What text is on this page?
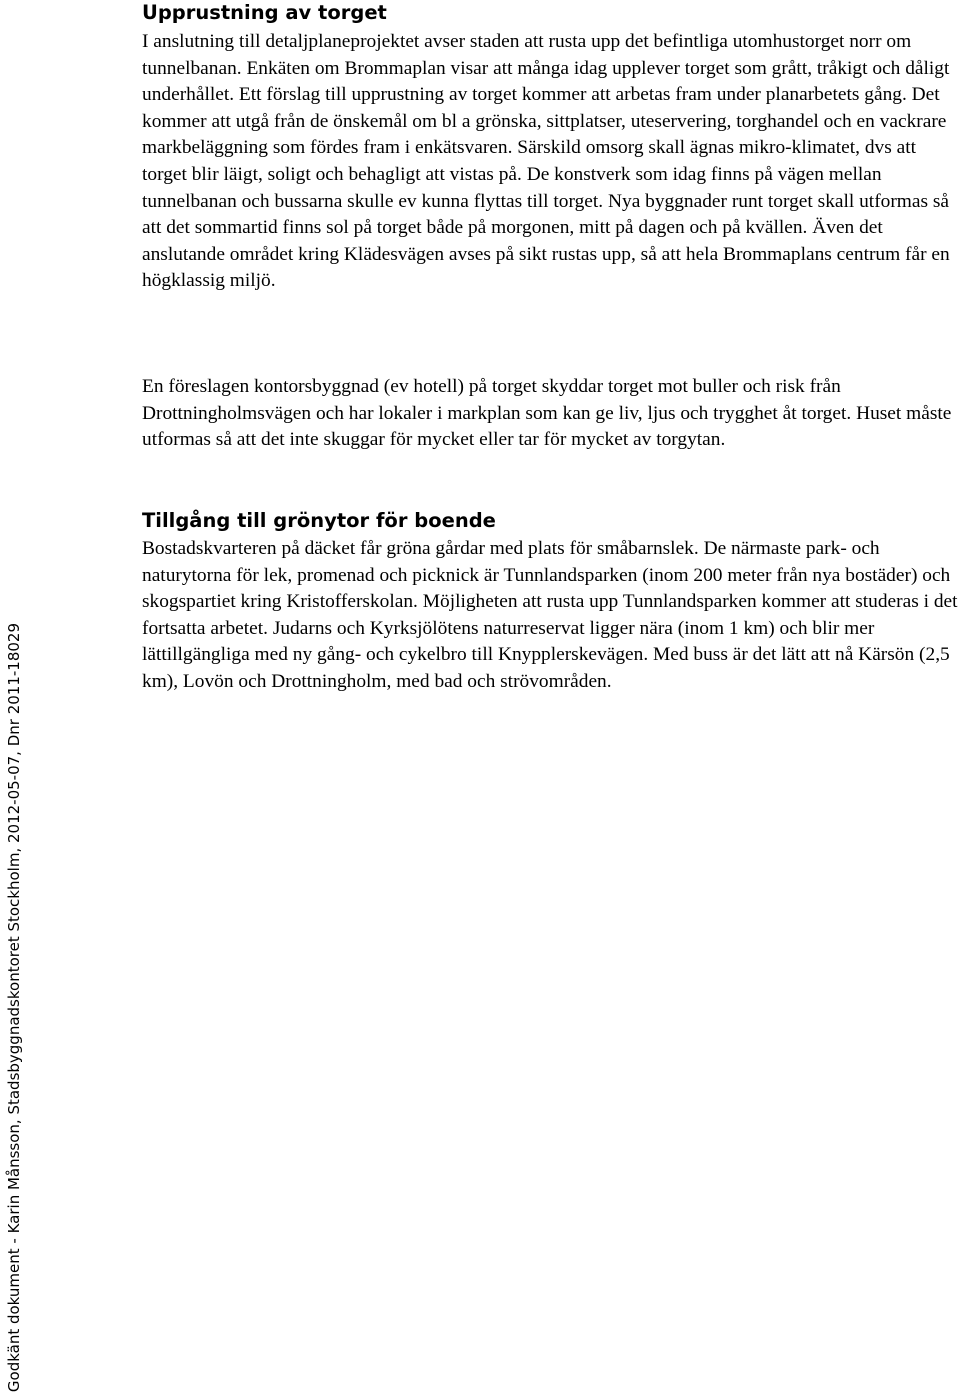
Godkänt dokument - Karin Månsson, Stadsbyggnadskontoret Stockholm, 2012-05-07, Dnr 2011-18029
Upprustning av torget

I anslutning till detaljplaneprojektet avser staden att rusta upp det befintliga utomhustorget norr om tunnelbanan. Enkäten om Brommaplan visar att många idag upplever torget som grått, tråkigt och dåligt underhållet. Ett förslag till upprustning av torget kommer att arbetas fram under planarbetets gång. Det kommer att utgå från de önskemål om bl a grönska, sittplatser, uteservering, torghandel och en vackrare markbeläggning som fördes fram i enkätsvaren. Särskild omsorg skall ägnas mikro-klimatet, dvs att torget blir läigt, soligt och behagligt att vistas på. De konstverk som idag finns på vägen mellan tunnelbanan och bussarna skulle ev kunna flyttas till torget. Nya byggnader runt torget skall utformas så att det sommartid finns sol på torget både på morgonen, mitt på dagen och på kvällen. Även det anslutande området kring Klädesvägen avses på sikt rustas upp, så att hela Brommaplans centrum får en högklassig miljö.

En föreslagen kontorsbyggnad (ev hotell) på torget skyddar torget mot buller och risk från Drottningholmsvägen och har lokaler i markplan som kan ge liv, ljus och trygghet åt torget. Huset måste utformas så att det inte skuggar för mycket eller tar för mycket av torgytan.

Tillgång till grönytor för boende

Bostadskvarteren på däcket får gröna gårdar med plats för småbarnslek. De närmaste park- och naturytorna för lek, promenad och picknick är Tunnlandsparken (inom 200 meter från nya bostäder) och skogspartiet kring Kristofferskolan. Möjligheten att rusta upp Tunnlandsparken kommer att studeras i det fortsatta arbetet. Judarns och Kyrksjölötens naturreservat ligger nära (inom 1 km) och blir mer lättillgängliga med ny gång- och cykelbro till Knypplerskevägen. Med buss är det lätt att nå Kärsön (2,5 km), Lovön och Drottningholm, med bad och strövområden.
